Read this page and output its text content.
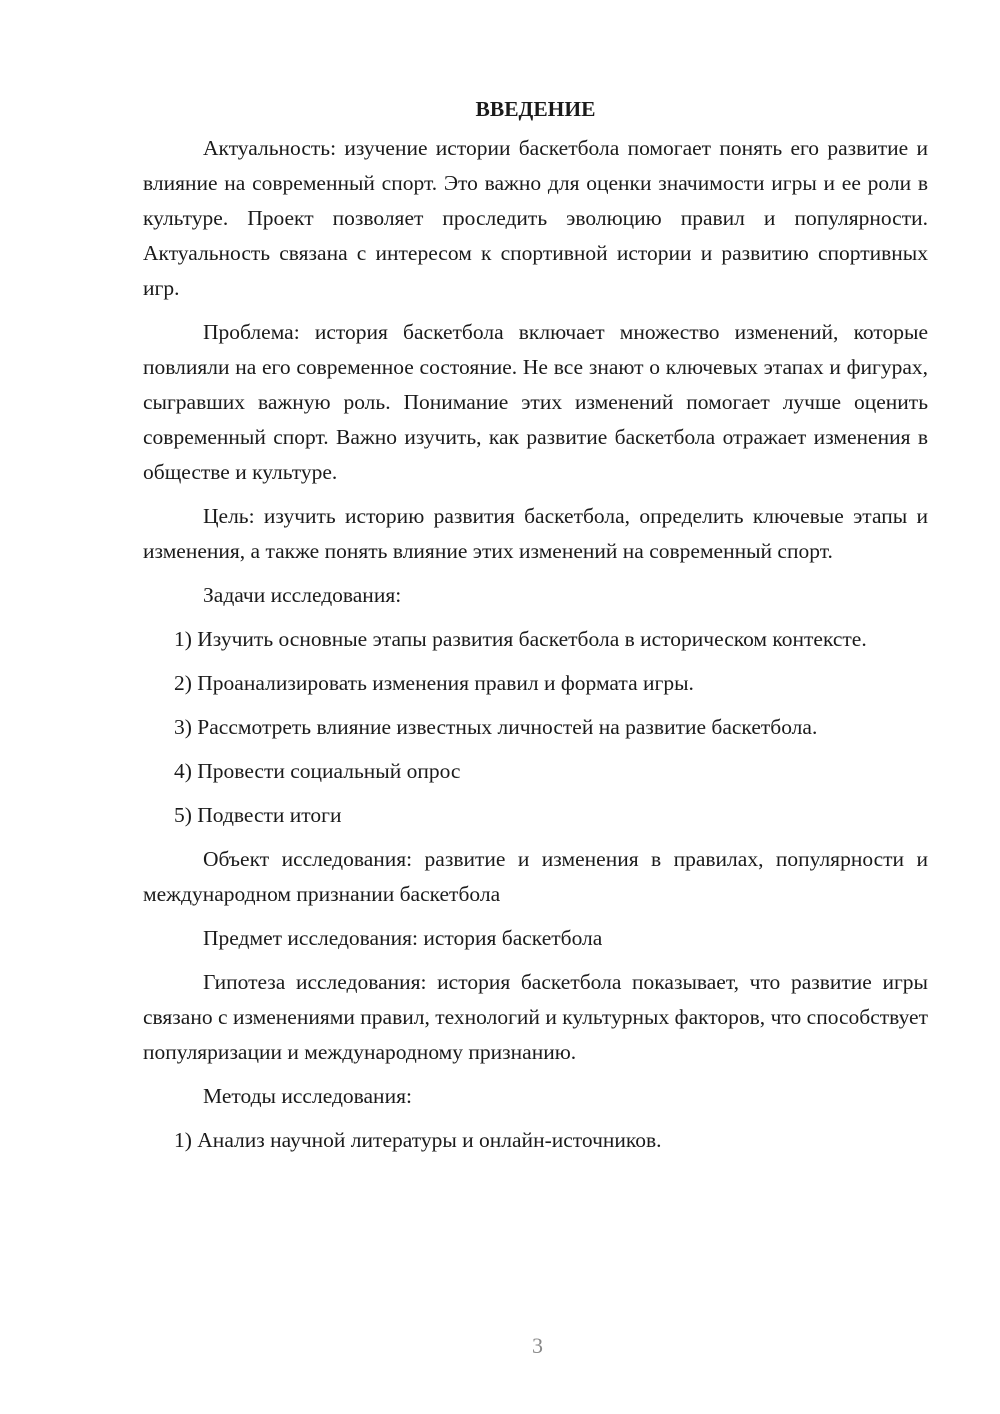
ВВЕДЕНИЕ

Актуальность: изучение истории баскетбола помогает понять его развитие и влияние на современный спорт. Это важно для оценки значимости игры и ее роли в культуре. Проект позволяет проследить эволюцию правил и популярности. Актуальность связана с интересом к спортивной истории и развитию спортивных игр.

Проблема: история баскетбола включает множество изменений, которые повлияли на его современное состояние. Не все знают о ключевых этапах и фигурах, сыгравших важную роль. Понимание этих изменений помогает лучше оценить современный спорт. Важно изучить, как развитие баскетбола отражает изменения в обществе и культуре.

Цель: изучить историю развития баскетбола, определить ключевые этапы и изменения, а также понять влияние этих изменений на современный спорт.

Задачи исследования:

1) Изучить основные этапы развития баскетбола в историческом контексте.

2) Проанализировать изменения правил и формата игры.

3) Рассмотреть влияние известных личностей на развитие баскетбола.

4) Провести социальный опрос

5) Подвести итоги

Объект исследования: развитие и изменения в правилах, популярности и международном признании баскетбола

Предмет исследования: история баскетбола

Гипотеза исследования: история баскетбола показывает, что развитие игры связано с изменениями правил, технологий и культурных факторов, что способствует популяризации и международному признанию.

Методы исследования:

1) Анализ научной литературы и онлайн-источников.

3
